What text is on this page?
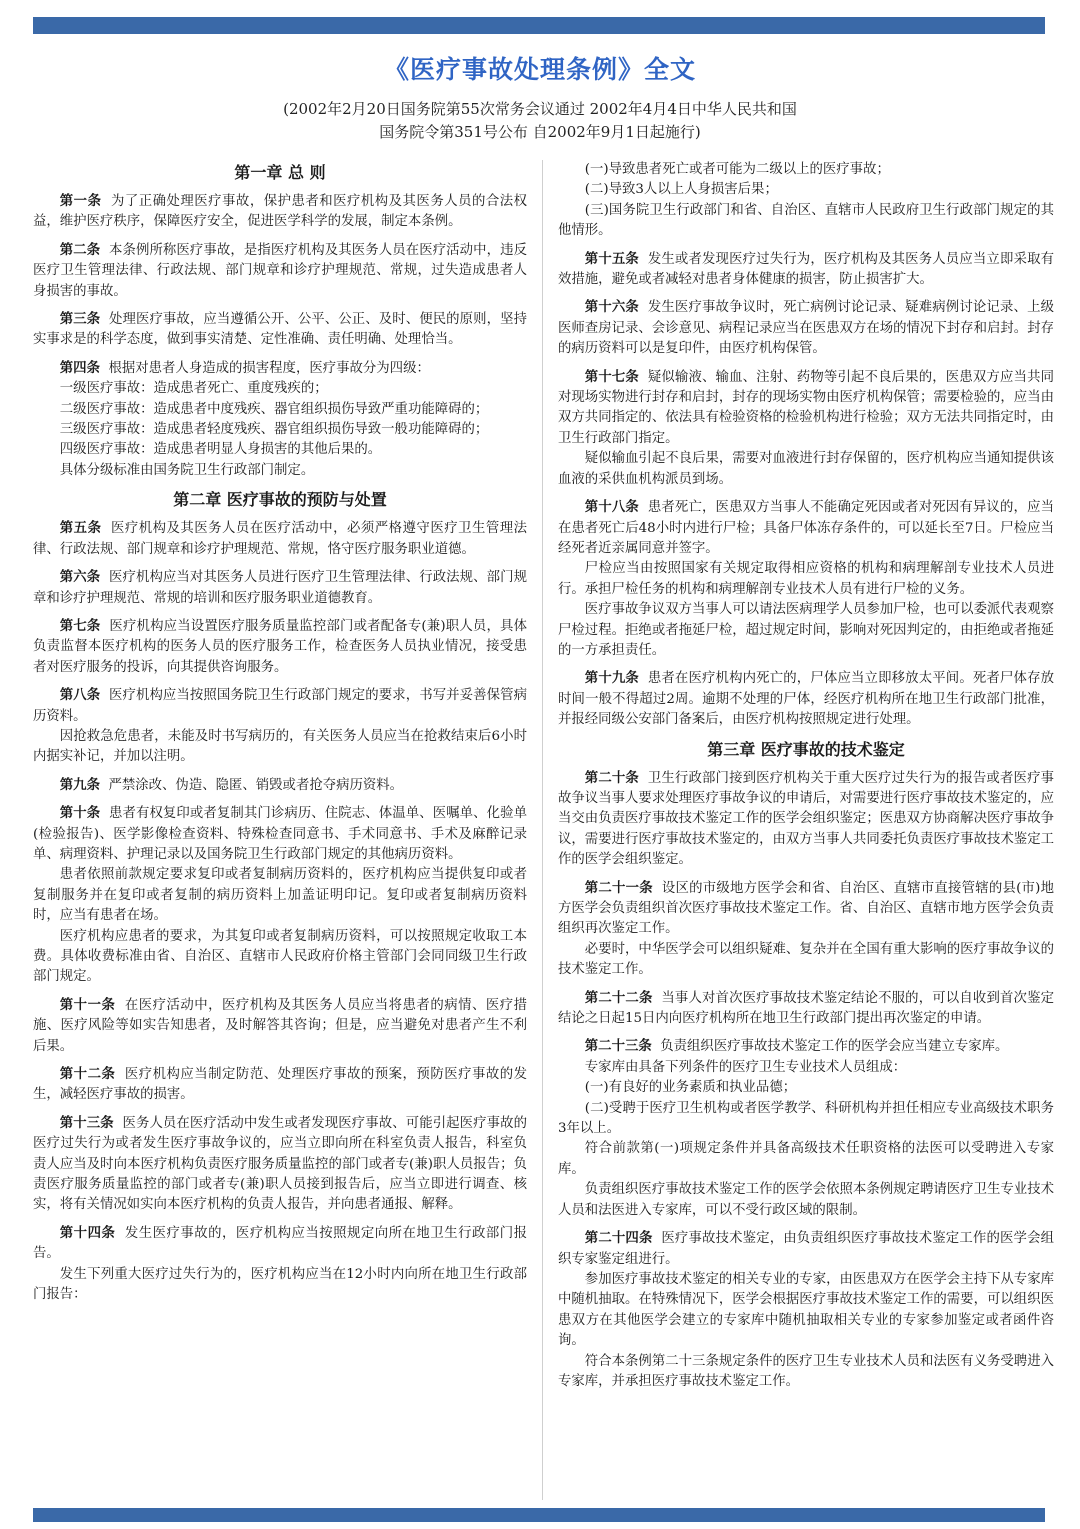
《医疗事故处理条例》全文
(2002年2月20日国务院第55次常务会议通过 2002年4月4日中华人民共和国
国务院令第351号公布 自2002年9月1日起施行)
第一章 总 则
第一条 为了正确处理医疗事故，保护患者和医疗机构及其医务人员的合法权益，维护医疗秩序，保障医疗安全，促进医学科学的发展，制定本条例。
第二条 本条例所称医疗事故，是指医疗机构及其医务人员在医疗活动中，违反医疗卫生管理法律、行政法规、部门规章和诊疗护理规范、常规，过失造成患者人身损害的事故。
第三条 处理医疗事故，应当遵循公开、公平、公正、及时、便民的原则，坚持实事求是的科学态度，做到事实清楚、定性准确、责任明确、处理恰当。
第四条 根据对患者人身造成的损害程度，医疗事故分为四级：
一级医疗事故：造成患者死亡、重度残疾的；
二级医疗事故：造成患者中度残疾、器官组织损伤导致严重功能障碍的；
三级医疗事故：造成患者轻度残疾、器官组织损伤导致一般功能障碍的；
四级医疗事故：造成患者明显人身损害的其他后果的。
具体分级标准由国务院卫生行政部门制定。
第二章 医疗事故的预防与处置
第五条 医疗机构及其医务人员在医疗活动中，必须严格遵守医疗卫生管理法律、行政法规、部门规章和诊疗护理规范、常规，恪守医疗服务职业道德。
第六条 医疗机构应当对其医务人员进行医疗卫生管理法律、行政法规、部门规章和诊疗护理规范、常规的培训和医疗服务职业道德教育。
第七条 医疗机构应当设置医疗服务质量监控部门或者配备专(兼)职人员，具体负责监督本医疗机构的医务人员的医疗服务工作，检查医务人员执业情况，接受患者对医疗服务的投诉，向其提供咨询服务。
第八条 医疗机构应当按照国务院卫生行政部门规定的要求，书写并妥善保管病历资料。
因抢救急危患者，未能及时书写病历的，有关医务人员应当在抢救结束后6小时内据实补记，并加以注明。
第九条 严禁涂改、伪造、隐匿、销毁或者抢夺病历资料。
第十条 患者有权复印或者复制其门诊病历、住院志、体温单、医嘱单、化验单(检验报告)、医学影像检查资料、特殊检查同意书、手术同意书、手术及麻醉记录单、病理资料、护理记录以及国务院卫生行政部门规定的其他病历资料。
患者依照前款规定要求复印或者复制病历资料的，医疗机构应当提供复印或者复制服务并在复印或者复制的病历资料上加盖证明印记。复印或者复制病历资料时，应当有患者在场。
医疗机构应患者的要求，为其复印或者复制病历资料，可以按照规定收取工本费。具体收费标准由省、自治区、直辖市人民政府价格主管部门会同同级卫生行政部门规定。
第十一条 在医疗活动中，医疗机构及其医务人员应当将患者的病情、医疗措施、医疗风险等如实告知患者，及时解答其咨询；但是，应当避免对患者产生不利后果。
第十二条 医疗机构应当制定防范、处理医疗事故的预案，预防医疗事故的发生，减轻医疗事故的损害。
第十三条 医务人员在医疗活动中发生或者发现医疗事故、可能引起医疗事故的医疗过失行为或者发生医疗事故争议的，应当立即向所在科室负责人报告，科室负责人应当及时向本医疗机构负责医疗服务质量监控的部门或者专(兼)职人员报告；负责医疗服务质量监控的部门或者专(兼)职人员接到报告后，应当立即进行调查、核实，将有关情况如实向本医疗机构的负责人报告，并向患者通报、解释。
第十四条 发生医疗事故的，医疗机构应当按照规定向所在地卫生行政部门报告。
发生下列重大医疗过失行为的，医疗机构应当在12小时内向所在地卫生行政部门报告：
(一)导致患者死亡或者可能为二级以上的医疗事故；
(二)导致3人以上人身损害后果；
(三)国务院卫生行政部门和省、自治区、直辖市人民政府卫生行政部门规定的其他情形。
第十五条 发生或者发现医疗过失行为，医疗机构及其医务人员应当立即采取有效措施，避免或者减轻对患者身体健康的损害，防止损害扩大。
第十六条 发生医疗事故争议时，死亡病例讨论记录、疑难病例讨论记录、上级医师查房记录、会诊意见、病程记录应当在医患双方在场的情况下封存和启封。封存的病历资料可以是复印件，由医疗机构保管。
第十七条 疑似输液、输血、注射、药物等引起不良后果的，医患双方应当共同对现场实物进行封存和启封，封存的现场实物由医疗机构保管；需要检验的，应当由双方共同指定的、依法具有检验资格的检验机构进行检验；双方无法共同指定时，由卫生行政部门指定。
疑似输血引起不良后果，需要对血液进行封存保留的，医疗机构应当通知提供该血液的采供血机构派员到场。
第十八条 患者死亡，医患双方当事人不能确定死因或者对死因有异议的，应当在患者死亡后48小时内进行尸检；具备尸体冻存条件的，可以延长至7日。尸检应当经死者近亲属同意并签字。
尸检应当由按照国家有关规定取得相应资格的机构和病理解剖专业技术人员进行。承担尸检任务的机构和病理解剖专业技术人员有进行尸检的义务。
医疗事故争议双方当事人可以请法医病理学人员参加尸检，也可以委派代表观察尸检过程。拒绝或者拖延尸检，超过规定时间，影响对死因判定的，由拒绝或者拖延的一方承担责任。
第十九条 患者在医疗机构内死亡的，尸体应当立即移放太平间。死者尸体存放时间一般不得超过2周。逾期不处理的尸体，经医疗机构所在地卫生行政部门批准，并报经同级公安部门备案后，由医疗机构按照规定进行处理。
第三章 医疗事故的技术鉴定
第二十条 卫生行政部门接到医疗机构关于重大医疗过失行为的报告或者医疗事故争议当事人要求处理医疗事故争议的申请后，对需要进行医疗事故技术鉴定的，应当交由负责医疗事故技术鉴定工作的医学会组织鉴定；医患双方协商解决医疗事故争议，需要进行医疗事故技术鉴定的，由双方当事人共同委托负责医疗事故技术鉴定工作的医学会组织鉴定。
第二十一条 设区的市级地方医学会和省、自治区、直辖市直接管辖的县(市)地方医学会负责组织首次医疗事故技术鉴定工作。省、自治区、直辖市地方医学会负责组织再次鉴定工作。
必要时，中华医学会可以组织疑难、复杂并在全国有重大影响的医疗事故争议的技术鉴定工作。
第二十二条 当事人对首次医疗事故技术鉴定结论不服的，可以自收到首次鉴定结论之日起15日内向医疗机构所在地卫生行政部门提出再次鉴定的申请。
第二十三条 负责组织医疗事故技术鉴定工作的医学会应当建立专家库。
专家库由具备下列条件的医疗卫生专业技术人员组成：
(一)有良好的业务素质和执业品德；
(二)受聘于医疗卫生机构或者医学教学、科研机构并担任相应专业高级技术职务3年以上。
符合前款第(一)项规定条件并具备高级技术任职资格的法医可以受聘进入专家库。
负责组织医疗事故技术鉴定工作的医学会依照本条例规定聘请医疗卫生专业技术人员和法医进入专家库，可以不受行政区域的限制。
第二十四条 医疗事故技术鉴定，由负责组织医疗事故技术鉴定工作的医学会组织专家鉴定组进行。
参加医疗事故技术鉴定的相关专业的专家，由医患双方在医学会主持下从专家库中随机抽取。在特殊情况下，医学会根据医疗事故技术鉴定工作的需要，可以组织医患双方在其他医学会建立的专家库中随机抽取相关专业的专家参加鉴定或者函件咨询。
符合本条例第二十三条规定条件的医疗卫生专业技术人员和法医有义务受聘进入专家库，并承担医疗事故技术鉴定工作。
